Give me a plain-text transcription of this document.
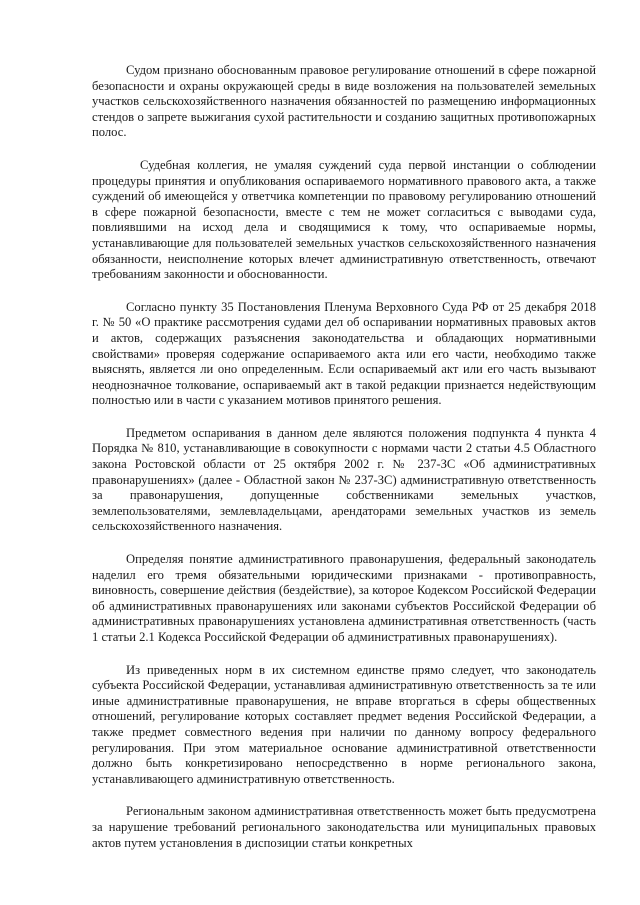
Судом признано обоснованным правовое регулирование отношений в сфере пожарной безопасности и охраны окружающей среды в виде возложения на пользователей земельных участков сельскохозяйственного назначения обязанностей по размещению информационных стендов о запрете выжигания сухой растительности и созданию защитных противопожарных полос.

Судебная коллегия, не умаляя суждений суда первой инстанции о соблюдении процедуры принятия и опубликования оспариваемого нормативного правового акта, а также суждений об имеющейся у ответчика компетенции по правовому регулированию отношений в сфере пожарной безопасности, вместе с тем не может согласиться с выводами суда, повлиявшими на исход дела и сводящимися к тому, что оспариваемые нормы, устанавливающие для пользователей земельных участков сельскохозяйственного назначения обязанности, неисполнение которых влечет административную ответственность, отвечают требованиям законности и обоснованности.

Согласно пункту 35 Постановления Пленума Верховного Суда РФ от 25 декабря 2018 г. № 50 «О практике рассмотрения судами дел об оспаривании нормативных правовых актов и актов, содержащих разъяснения законодательства и обладающих нормативными свойствами» проверяя содержание оспариваемого акта или его части, необходимо также выяснять, является ли оно определенным. Если оспариваемый акт или его часть вызывают неоднозначное толкование, оспариваемый акт в такой редакции признается недействующим полностью или в части с указанием мотивов принятого решения.

Предметом оспаривания в данном деле являются положения подпункта 4 пункта 4 Порядка № 810, устанавливающие в совокупности с нормами части 2 статьи 4.5 Областного закона Ростовской области от 25 октября 2002 г. № 237-ЗС «Об административных правонарушениях» (далее - Областной закон № 237-ЗС) административную ответственность за правонарушения, допущенные собственниками земельных участков, землепользователями, землевладельцами, арендаторами земельных участков из земель сельскохозяйственного назначения.

Определяя понятие административного правонарушения, федеральный законодатель наделил его тремя обязательными юридическими признаками - противоправность, виновность, совершение действия (бездействие), за которое Кодексом Российской Федерации об административных правонарушениях или законами субъектов Российской Федерации об административных правонарушениях установлена административная ответственность (часть 1 статьи 2.1 Кодекса Российской Федерации об административных правонарушениях).

Из приведенных норм в их системном единстве прямо следует, что законодатель субъекта Российской Федерации, устанавливая административную ответственность за те или иные административные правонарушения, не вправе вторгаться в сферы общественных отношений, регулирование которых составляет предмет ведения Российской Федерации, а также предмет совместного ведения при наличии по данному вопросу федерального регулирования. При этом материальное основание административной ответственности должно быть конкретизировано непосредственно в норме регионального закона, устанавливающего административную ответственность.

Региональным законом административная ответственность может быть предусмотрена за нарушение требований регионального законодательства или муниципальных правовых актов путем установления в диспозиции статьи конкретных
